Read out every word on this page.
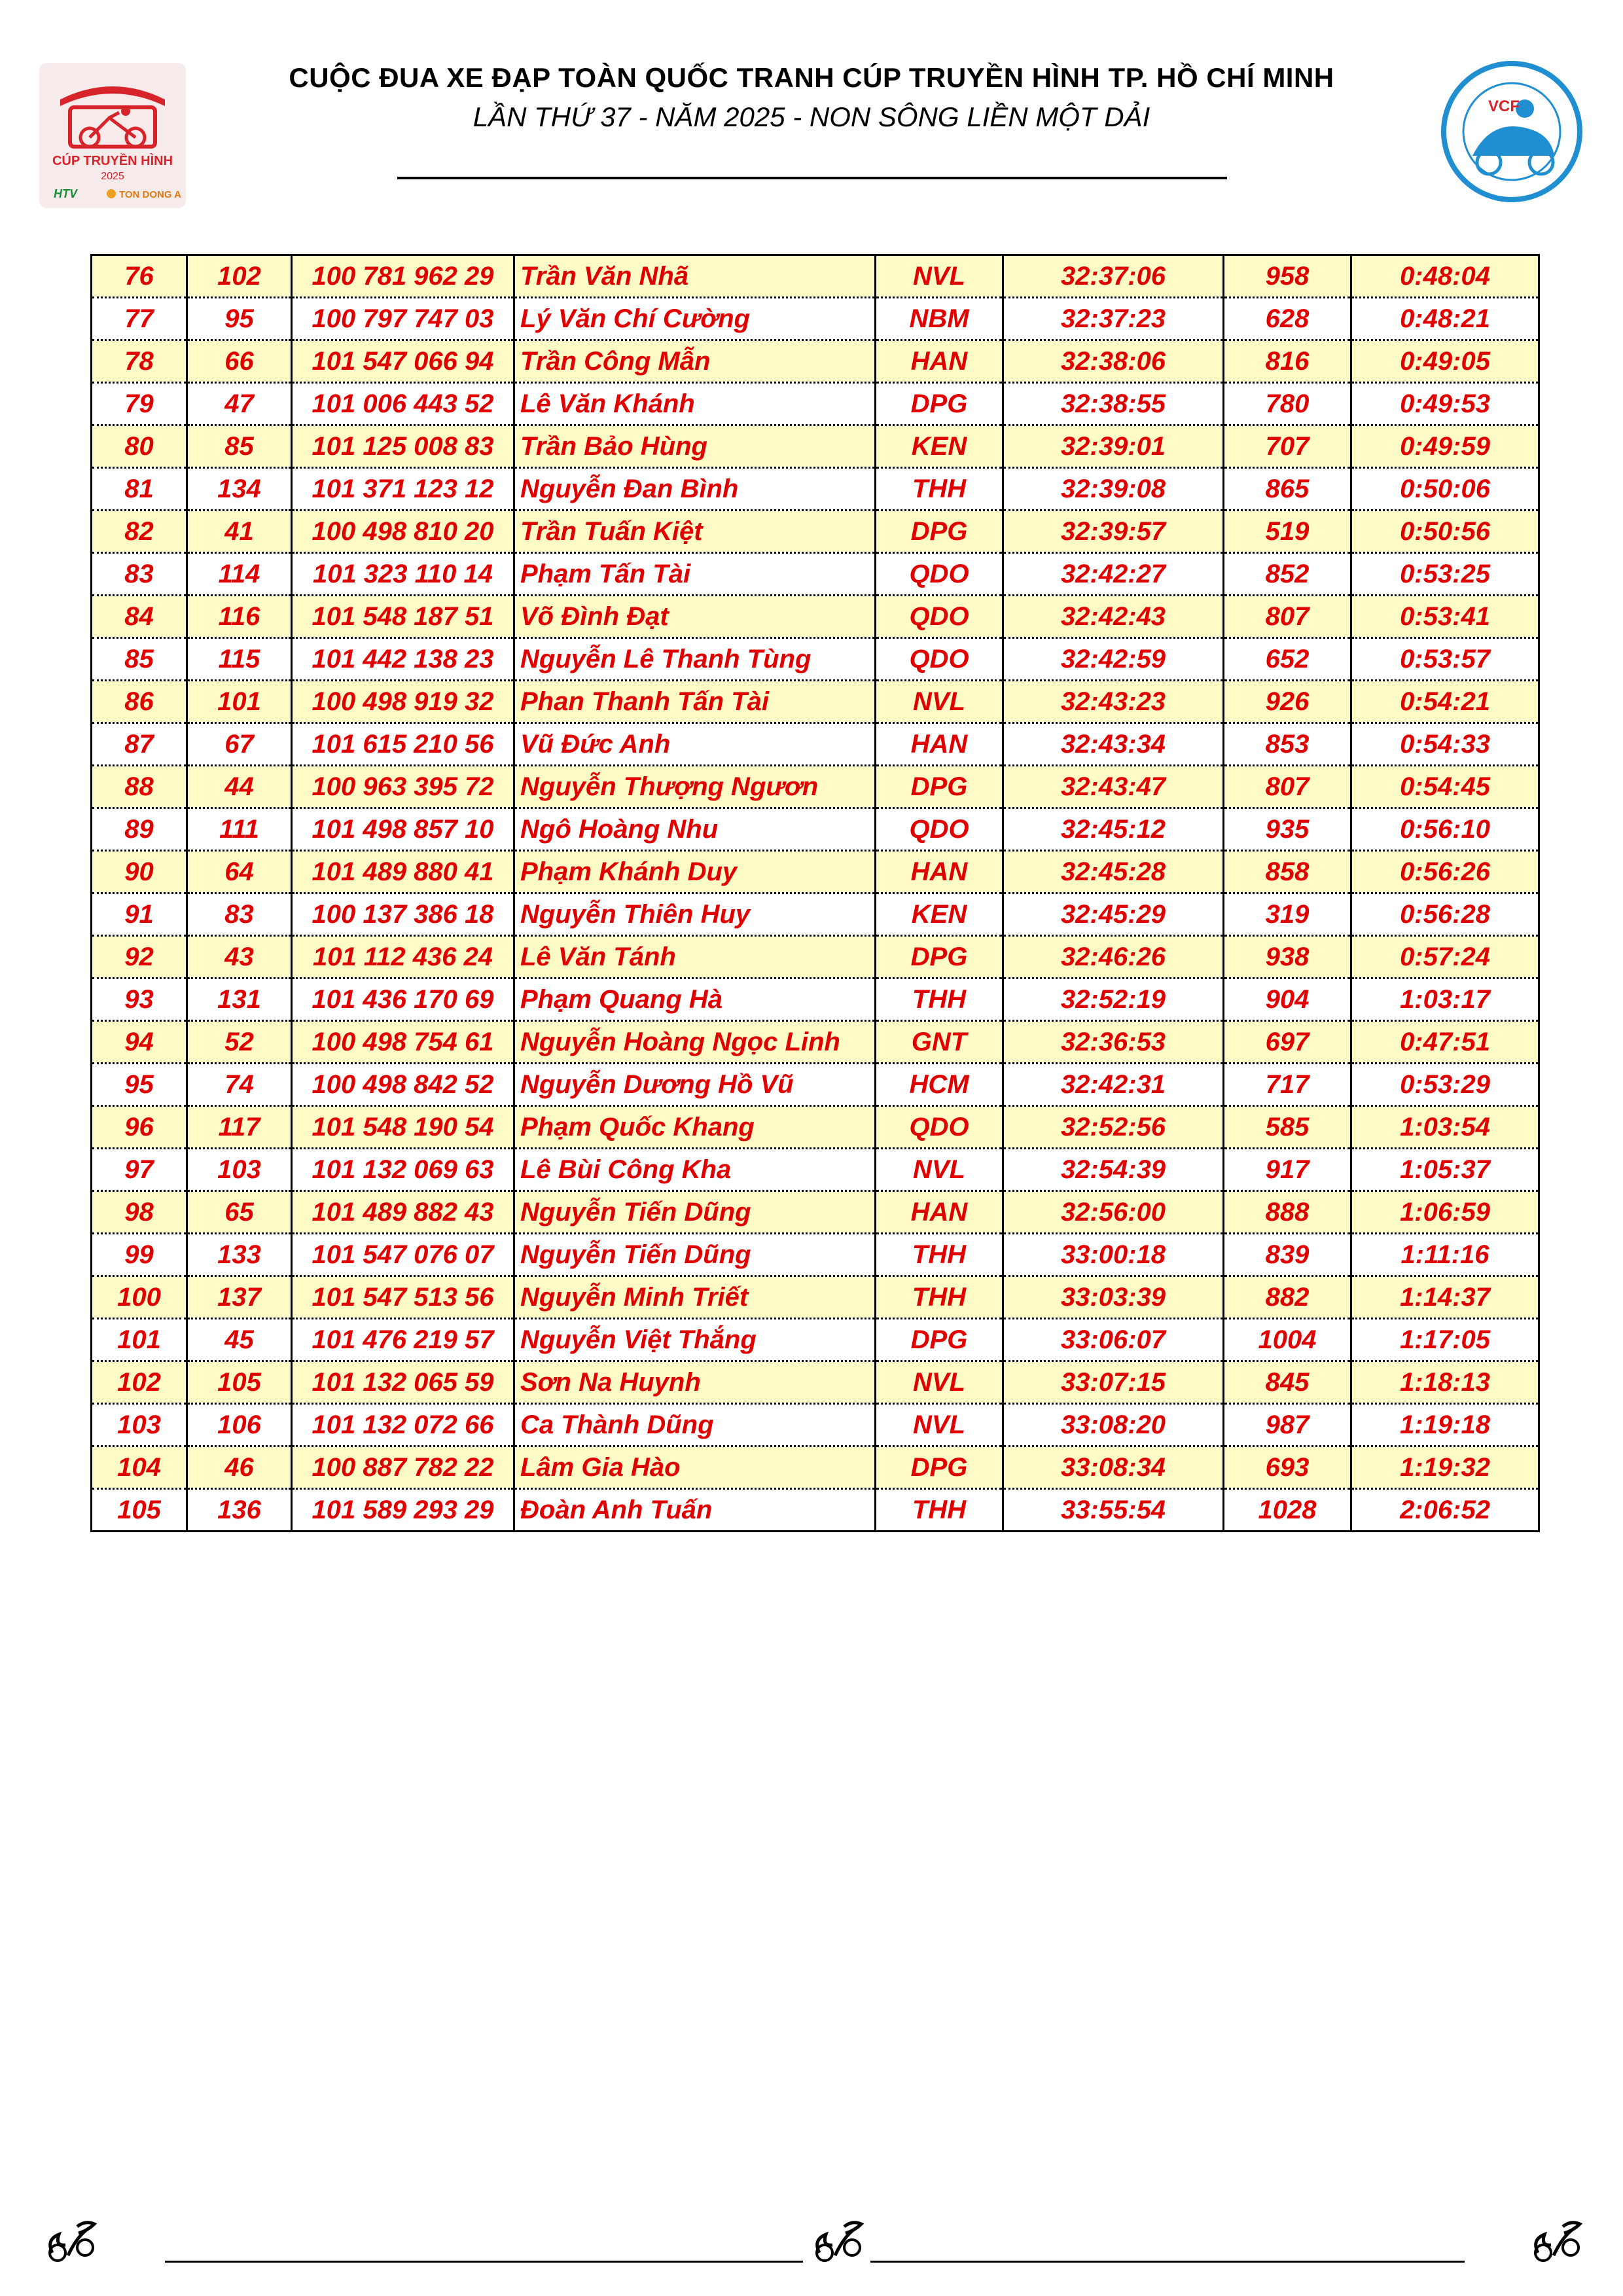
CÚP TRUYỀN HÌNH
2025
HTV	TON DONG A
VCF
CUỘC ĐUA XE ĐẠP TOÀN QUỐC TRANH CÚP TRUYỀN HÌNH TP. HỒ CHÍ MINH
LẦN THỨ 37 - NĂM 2025 - NON SÔNG LIỀN MỘT DẢI
76	102	100 781 962 29	Trần Văn Nhã	NVL	32:37:06	958	0:48:04
77	95	100 797 747 03	Lý Văn Chí Cường	NBM	32:37:23	628	0:48:21
78	66	101 547 066 94	Trần Công Mẫn	HAN	32:38:06	816	0:49:05
79	47	101 006 443 52	Lê Văn Khánh	DPG	32:38:55	780	0:49:53
80	85	101 125 008 83	Trần Bảo Hùng	KEN	32:39:01	707	0:49:59
81	134	101 371 123 12	Nguyễn Đan Bình	THH	32:39:08	865	0:50:06
82	41	100 498 810 20	Trần Tuấn Kiệt	DPG	32:39:57	519	0:50:56
83	114	101 323 110 14	Phạm Tấn Tài	QDO	32:42:27	852	0:53:25
84	116	101 548 187 51	Võ Đình Đạt	QDO	32:42:43	807	0:53:41
85	115	101 442 138 23	Nguyễn Lê Thanh Tùng	QDO	32:42:59	652	0:53:57
86	101	100 498 919 32	Phan Thanh Tấn Tài	NVL	32:43:23	926	0:54:21
87	67	101 615 210 56	Vũ Đức Anh	HAN	32:43:34	853	0:54:33
88	44	100 963 395 72	Nguyễn Thượng Ngươn	DPG	32:43:47	807	0:54:45
89	111	101 498 857 10	Ngô Hoàng Nhu	QDO	32:45:12	935	0:56:10
90	64	101 489 880 41	Phạm Khánh Duy	HAN	32:45:28	858	0:56:26
91	83	100 137 386 18	Nguyễn Thiên Huy	KEN	32:45:29	319	0:56:28
92	43	101 112 436 24	Lê Văn Tánh	DPG	32:46:26	938	0:57:24
93	131	101 436 170 69	Phạm Quang Hà	THH	32:52:19	904	1:03:17
94	52	100 498 754 61	Nguyễn Hoàng Ngọc Linh	GNT	32:36:53	697	0:47:51
95	74	100 498 842 52	Nguyễn Dương Hồ Vũ	HCM	32:42:31	717	0:53:29
96	117	101 548 190 54	Phạm Quốc Khang	QDO	32:52:56	585	1:03:54
97	103	101 132 069 63	Lê Bùi Công Kha	NVL	32:54:39	917	1:05:37
98	65	101 489 882 43	Nguyễn Tiến Dũng	HAN	32:56:00	888	1:06:59
99	133	101 547 076 07	Nguyễn Tiến Dũng	THH	33:00:18	839	1:11:16
100	137	101 547 513 56	Nguyễn Minh Triết	THH	33:03:39	882	1:14:37
101	45	101 476 219 57	Nguyễn Việt Thắng	DPG	33:06:07	1004	1:17:05
102	105	101 132 065 59	Sơn Na Huynh	NVL	33:07:15	845	1:18:13
103	106	101 132 072 66	Ca Thành Dũng	NVL	33:08:20	987	1:19:18
104	46	100 887 782 22	Lâm Gia Hào	DPG	33:08:34	693	1:19:32
105	136	101 589 293 29	Đoàn Anh Tuấn	THH	33:55:54	1028	2:06:52
